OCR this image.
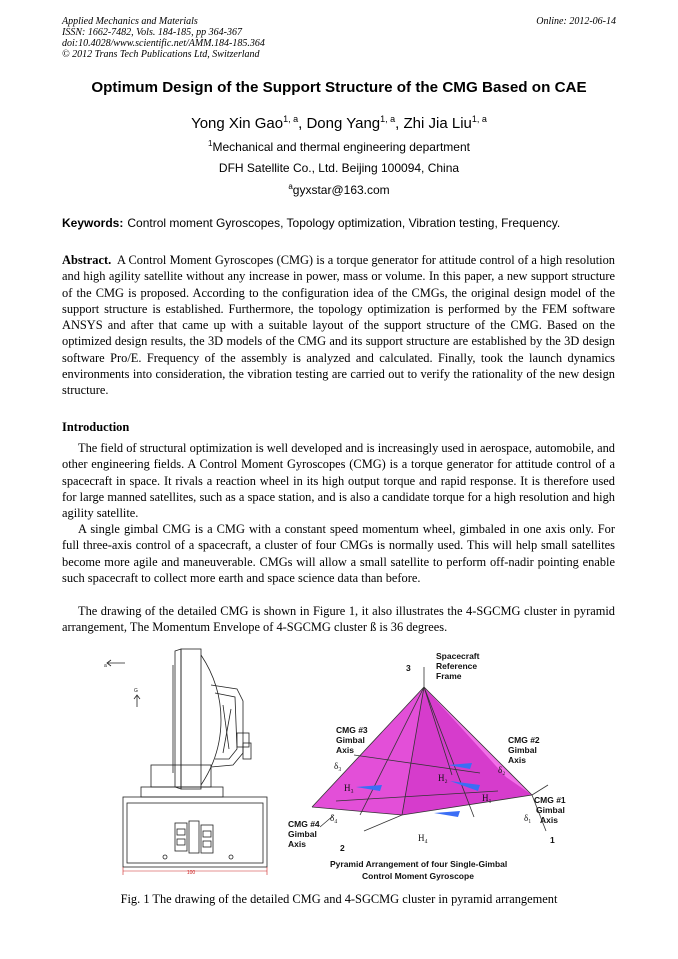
Applied Mechanics and Materials
ISSN: 1662-7482, Vols. 184-185, pp 364-367
doi:10.4028/www.scientific.net/AMM.184-185.364
© 2012 Trans Tech Publications Ltd, Switzerland
Online: 2012-06-14
Optimum Design of the Support Structure of the CMG Based on CAE
Yong Xin Gao$^{1, a}$, Dong Yang$^{1, a}$, Zhi Jia Liu$^{1, a}$
$^1$Mechanical and thermal engineering department
DFH Satellite Co., Ltd. Beijing 100094, China
$^a$gyxstar@163.com
Keywords: Control moment Gyroscopes, Topology optimization, Vibration testing, Frequency.

Abstract. A Control Moment Gyroscopes (CMG) is a torque generator for attitude control of a high resolution and high agility satellite without any increase in power, mass or volume. In this paper, a new support structure of the CMG is proposed. According to the configuration idea of the CMGs, the original design model of the support structure is established. Furthermore, the topology optimization is performed by the FEM software ANSYS and after that came up with a suitable layout of the support structure of the CMG. Based on the optimized design results, the 3D models of the CMG and its support structure are established by the 3D design software Pro/E. Frequency of the assembly is analyzed and calculated. Finally, took the launch dynamics environments into consideration, the vibration testing are carried out to verify the rationality of the new design structure.

Introduction

The field of structural optimization is well developed and is increasingly used in aerospace, automobile, and other engineering fields. A Control Moment Gyroscopes (CMG) is a torque generator for attitude control of a spacecraft in space. It rivals a reaction wheel in its high output torque and rapid response. It is therefore used for large manned satellites, such as a space station, and is also a candidate torque for a high resolution and high agility satellite.

A single gimbal CMG is a CMG with a constant speed momentum wheel, gimbaled in one axis only. For full three-axis control of a spacecraft, a cluster of four CMGs is normally used. This will help small satellites become more agile and maneuverable. CMGs will allow a small satellite to perform off-nadir pointing enable such spacecraft to collect more earth and space science data than before.

The drawing of the detailed CMG is shown in Figure 1, it also illustrates the 4-SGCMG cluster in pyramid arrangement, The Momentum Envelope of 4-SGCMG cluster ß is 36 degrees.

100
a
G
3
Spacecraft
Reference
Frame
CMG #3
Gimbal
Axis
CMG #2
Gimbal
Axis
CMG #1
Gimbal
Axis
1
CMG #4
Gimbal
Axis	2
Pyramid Arrangement of four Single-Gimbal
Control Moment Gyroscope
H₁
H₂
H₃
H₄
δ₁
δ₂
δ₃
δ₄
Fig. 1 The drawing of the detailed CMG and 4-SGCMG cluster in pyramid arrangement
